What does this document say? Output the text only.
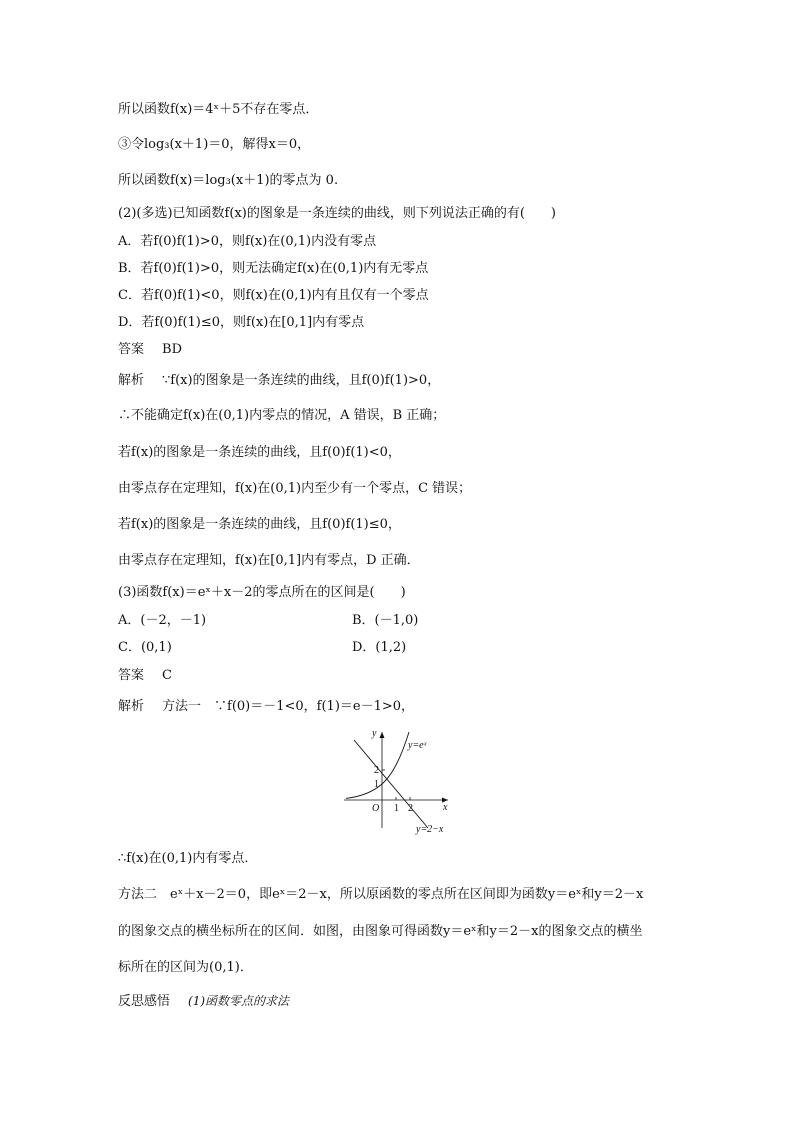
所以函数f(x)＝4ˣ＋5不存在零点．
③令log₃(x＋1)＝0，解得x＝0，
所以函数f(x)＝log₃(x＋1)的零点为 0.
(2)(多选)已知函数f(x)的图象是一条连续的曲线，则下列说法正确的有(　　)
A．若f(0)f(1)>0，则f(x)在(0,1)内没有零点
B．若f(0)f(1)>0，则无法确定f(x)在(0,1)内有无零点
C．若f(0)f(1)<0，则f(x)在(0,1)内有且仅有一个零点
D．若f(0)f(1)≤0，则f(x)在[0,1]内有零点
答案 BD
解析 ∵f(x)的图象是一条连续的曲线，且f(0)f(1)>0，
∴不能确定f(x)在(0,1)内零点的情况，A 错误，B 正确；
若f(x)的图象是一条连续的曲线，且f(0)f(1)<0，
由零点存在定理知，f(x)在(0,1)内至少有一个零点，C 错误；
若f(x)的图象是一条连续的曲线，且f(0)f(1)≤0，
由零点存在定理知，f(x)在[0,1]内有零点，D 正确．
(3)函数f(x)＝eˣ＋x－2的零点所在的区间是(　　)
A．(－2，－1)	B．(－1,0)
C．(0,1)	D．(1,2)
答案 C
解析 方法一　∵f(0)＝－1<0，f(1)＝e－1>0，
y
x
O 1 2
1
2
y=eˣ
y=2−x
∴f(x)在(0,1)内有零点．
方法二　eˣ＋x－2＝0，即eˣ＝2－x，所以原函数的零点所在区间即为函数y＝eˣ和y＝2－x
的图象交点的横坐标所在的区间．如图，由图象可得函数y＝eˣ和y＝2－x的图象交点的横坐
标所在的区间为(0,1)．
反思感悟 (1)函数零点的求法
